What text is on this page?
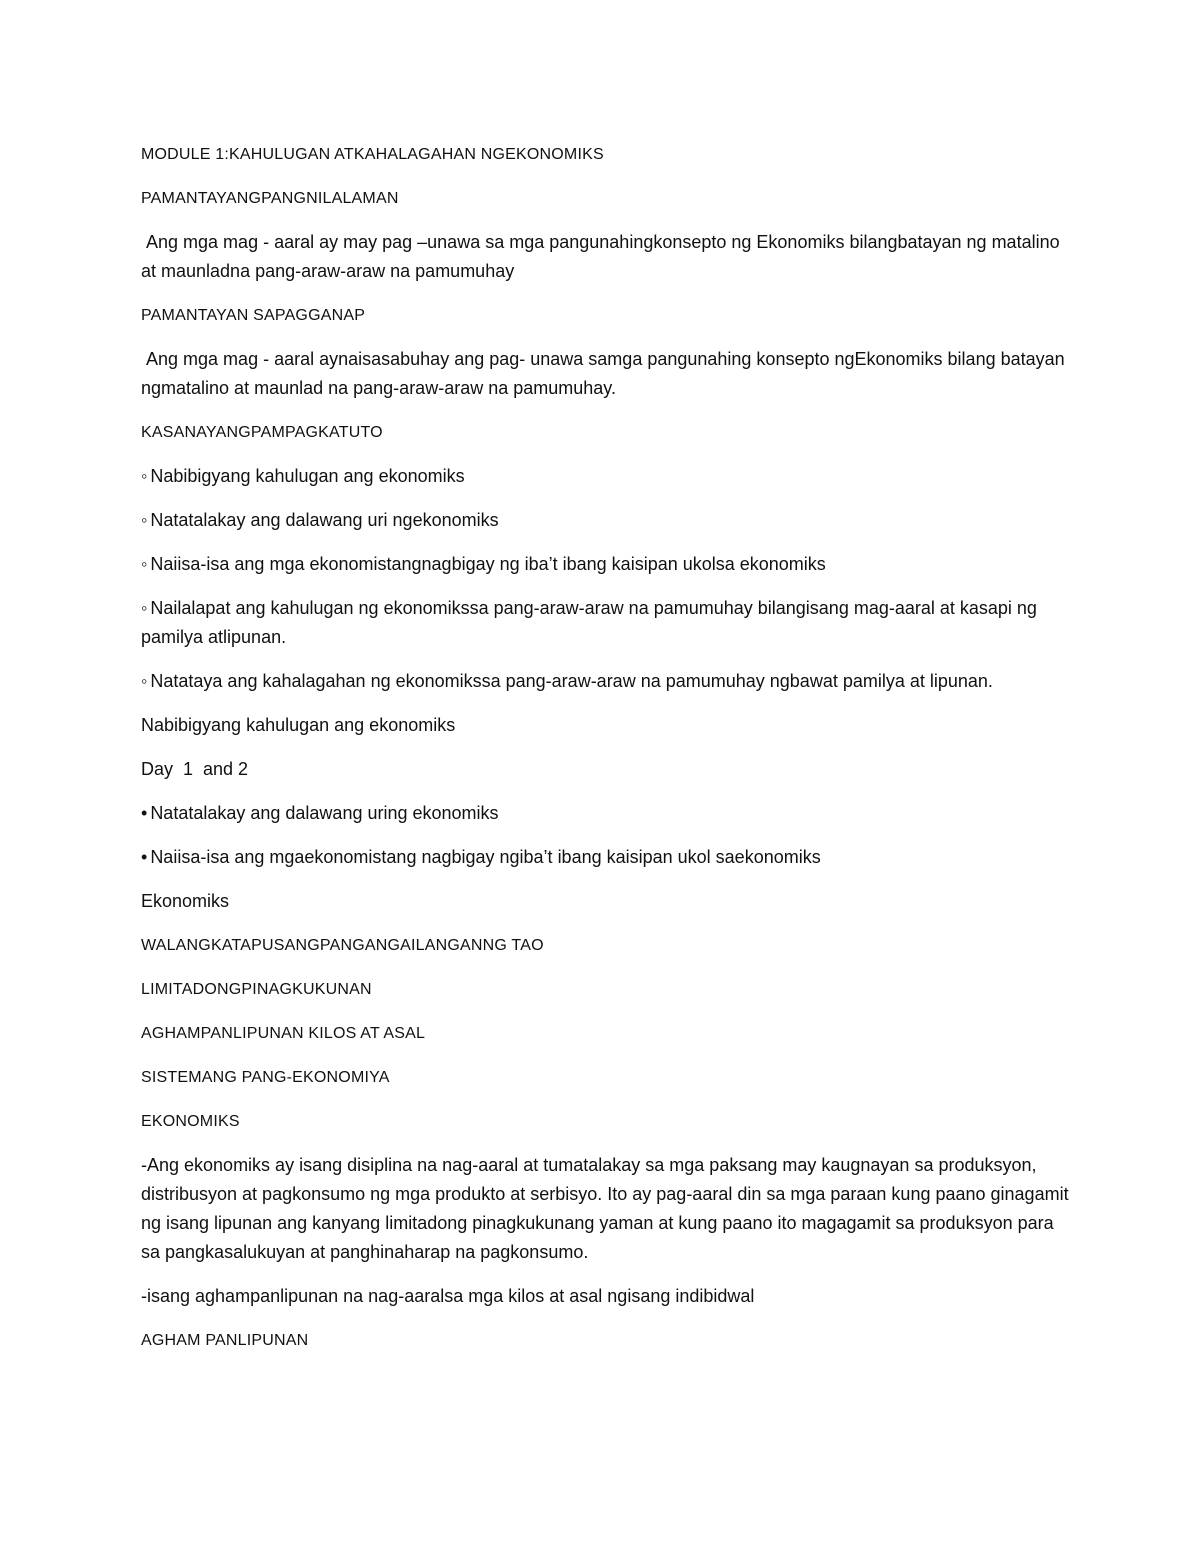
MODULE 1:KAHULUGAN ATKAHALAGAHAN NGEKONOMIKS

PAMANTAYANGPANGNILALAMAN

Ang mga mag - aaral ay may pag –unawa sa mga pangunahingkonsepto ng Ekonomiks bilangbatayan ng matalino at maunladna pang-araw-araw na pamumuhay

PAMANTAYAN SAPAGGANAP

Ang mga mag - aaral aynaisasabuhay ang pag- unawa samga pangunahing konsepto ngEkonomiks bilang batayan ngmatalino at maunlad na pang-araw-araw na pamumuhay.

KASANAYANGPAMPAGKATUTO

◦ Nabibigyang kahulugan ang ekonomiks

◦ Natatalakay ang dalawang uri ngekonomiks

◦ Naiisa-isa ang mga ekonomistangnagbigay ng iba’t ibang kaisipan ukolsa ekonomiks

◦ Nailalapat ang kahulugan ng ekonomikssa pang-araw-araw na pamumuhay bilangisang mag-aaral at kasapi ng pamilya atlipunan.

◦ Natataya ang kahalagahan ng ekonomikssa pang-araw-araw na pamumuhay ngbawat pamilya at lipunan.

Nabibigyang kahulugan ang ekonomiks

Day  1  and 2

• Natatalakay ang dalawang uring ekonomiks

• Naiisa-isa ang mgaekonomistang nagbigay ngiba’t ibang kaisipan ukol saekonomiks

Ekonomiks

WALANGKATAPUSANGPANGANGAILANGANNG TAO

LIMITADONGPINAGKUKUNAN

AGHAMPANLIPUNAN KILOS AT ASAL

SISTEMANG PANG-EKONOMIYA

EKONOMIKS

-Ang ekonomiks ay isang disiplina na nag-aaral at tumatalakay sa mga paksang may kaugnayan sa produksyon, distribusyon at pagkonsumo ng mga produkto at serbisyo. Ito ay pag-aaral din sa mga paraan kung paano ginagamit ng isang lipunan ang kanyang limitadong pinagkukunang yaman at kung paano ito magagamit sa produksyon para sa pangkasalukuyan at panghinaharap na pagkonsumo.

-isang aghampanlipunan na nag-aaralsa mga kilos at asal ngisang indibidwal

AGHAM PANLIPUNAN
